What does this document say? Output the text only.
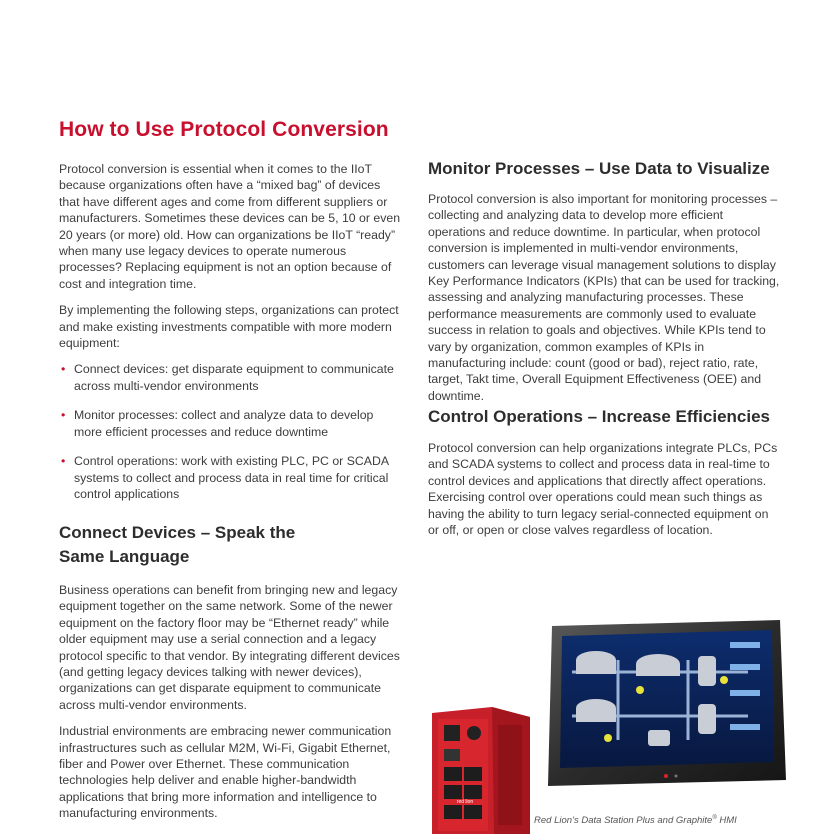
How to Use Protocol Conversion

Protocol conversion is essential when it comes to the IIoT because organizations often have a “mixed bag” of devices that have different ages and come from different suppliers or manufacturers. Sometimes these devices can be 5, 10 or even 20 years (or more) old. How can organizations be IIoT “ready” when many use legacy devices to operate numerous processes? Replacing equipment is not an option because of cost and integration time.

By implementing the following steps, organizations can protect and make existing investments compatible with more modern equipment:

• Connect devices: get disparate equipment to communicate across multi-vendor environments
• Monitor processes: collect and analyze data to develop more efficient processes and reduce downtime
• Control operations: work with existing PLC, PC or SCADA systems to collect and process data in real time for critical control applications
Connect Devices – Speak the
Same Language

Business operations can benefit from bringing new and legacy equipment together on the same network. Some of the newer equipment on the factory floor may be “Ethernet ready” while older equipment may use a serial connection and a legacy protocol specific to that vendor. By integrating different devices (and getting legacy devices talking with newer devices), organizations can get disparate equipment to communicate across multi-vendor environments.

Industrial environments are embracing newer communication infrastructures such as cellular M2M, Wi-Fi, Gigabit Ethernet, fiber and Power over Ethernet. These communication technologies help deliver and enable higher-bandwidth applications that bring more information and intelligence to manufacturing environments.

Monitor Processes – Use Data to Visualize

Protocol conversion is also important for monitoring processes – collecting and analyzing data to develop more efficient operations and reduce downtime. In particular, when protocol conversion is implemented in multi-vendor environments, customers can leverage visual management solutions to display Key Performance Indicators (KPIs) that can be used for tracking, assessing and analyzing manufacturing processes. These performance measurements are commonly used to evaluate success in relation to goals and objectives. While KPIs tend to vary by organization, common examples of KPIs in manufacturing include: count (good or bad), reject ratio, rate, target, Takt time, Overall Equipment Effectiveness (OEE) and downtime.

Control Operations – Increase Efficiencies

Protocol conversion can help organizations integrate PLCs, PCs and SCADA systems to collect and process data in real-time to control devices and applications that directly affect operations. Exercising control over operations could mean such things as having the ability to turn legacy serial-connected equipment on or off, or open or close valves regardless of location.

red lion
Red Lion’s Data Station Plus and Graphite® HMI
